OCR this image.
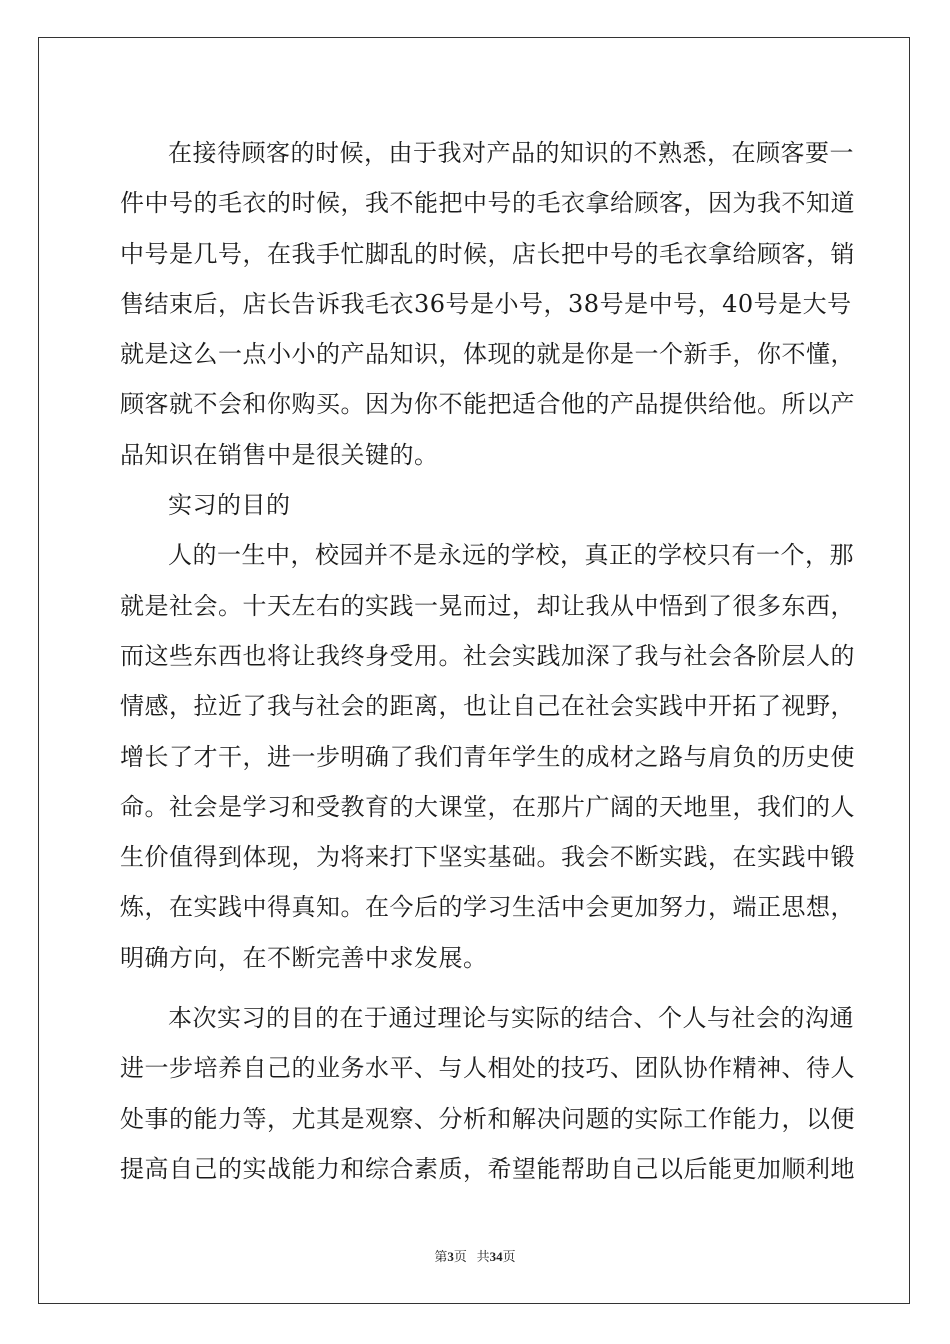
在接待顾客的时候，由于我对产品的知识的不熟悉，在顾客要一
件中号的毛衣的时候，我不能把中号的毛衣拿给顾客，因为我不知道
中号是几号，在我手忙脚乱的时候，店长把中号的毛衣拿给顾客，销
售结束后，店长告诉我毛衣36号是小号，38号是中号，40号是大号
就是这么一点小小的产品知识，体现的就是你是一个新手，你不懂，
顾客就不会和你购买。因为你不能把适合他的产品提供给他。所以产
品知识在销售中是很关键的。
实习的目的
人的一生中，校园并不是永远的学校，真正的学校只有一个，那
就是社会。十天左右的实践一晃而过，却让我从中悟到了很多东西，
而这些东西也将让我终身受用。社会实践加深了我与社会各阶层人的
情感，拉近了我与社会的距离，也让自己在社会实践中开拓了视野，
增长了才干，进一步明确了我们青年学生的成材之路与肩负的历史使
命。社会是学习和受教育的大课堂，在那片广阔的天地里，我们的人
生价值得到体现，为将来打下坚实基础。我会不断实践，在实践中锻
炼，在实践中得真知。在今后的学习生活中会更加努力，端正思想，
明确方向，在不断完善中求发展。
本次实习的目的在于通过理论与实际的结合、个人与社会的沟通
进一步培养自己的业务水平、与人相处的技巧、团队协作精神、待人
处事的能力等，尤其是观察、分析和解决问题的实际工作能力，以便
提高自己的实战能力和综合素质，希望能帮助自己以后能更加顺利地
第3页 共34页
